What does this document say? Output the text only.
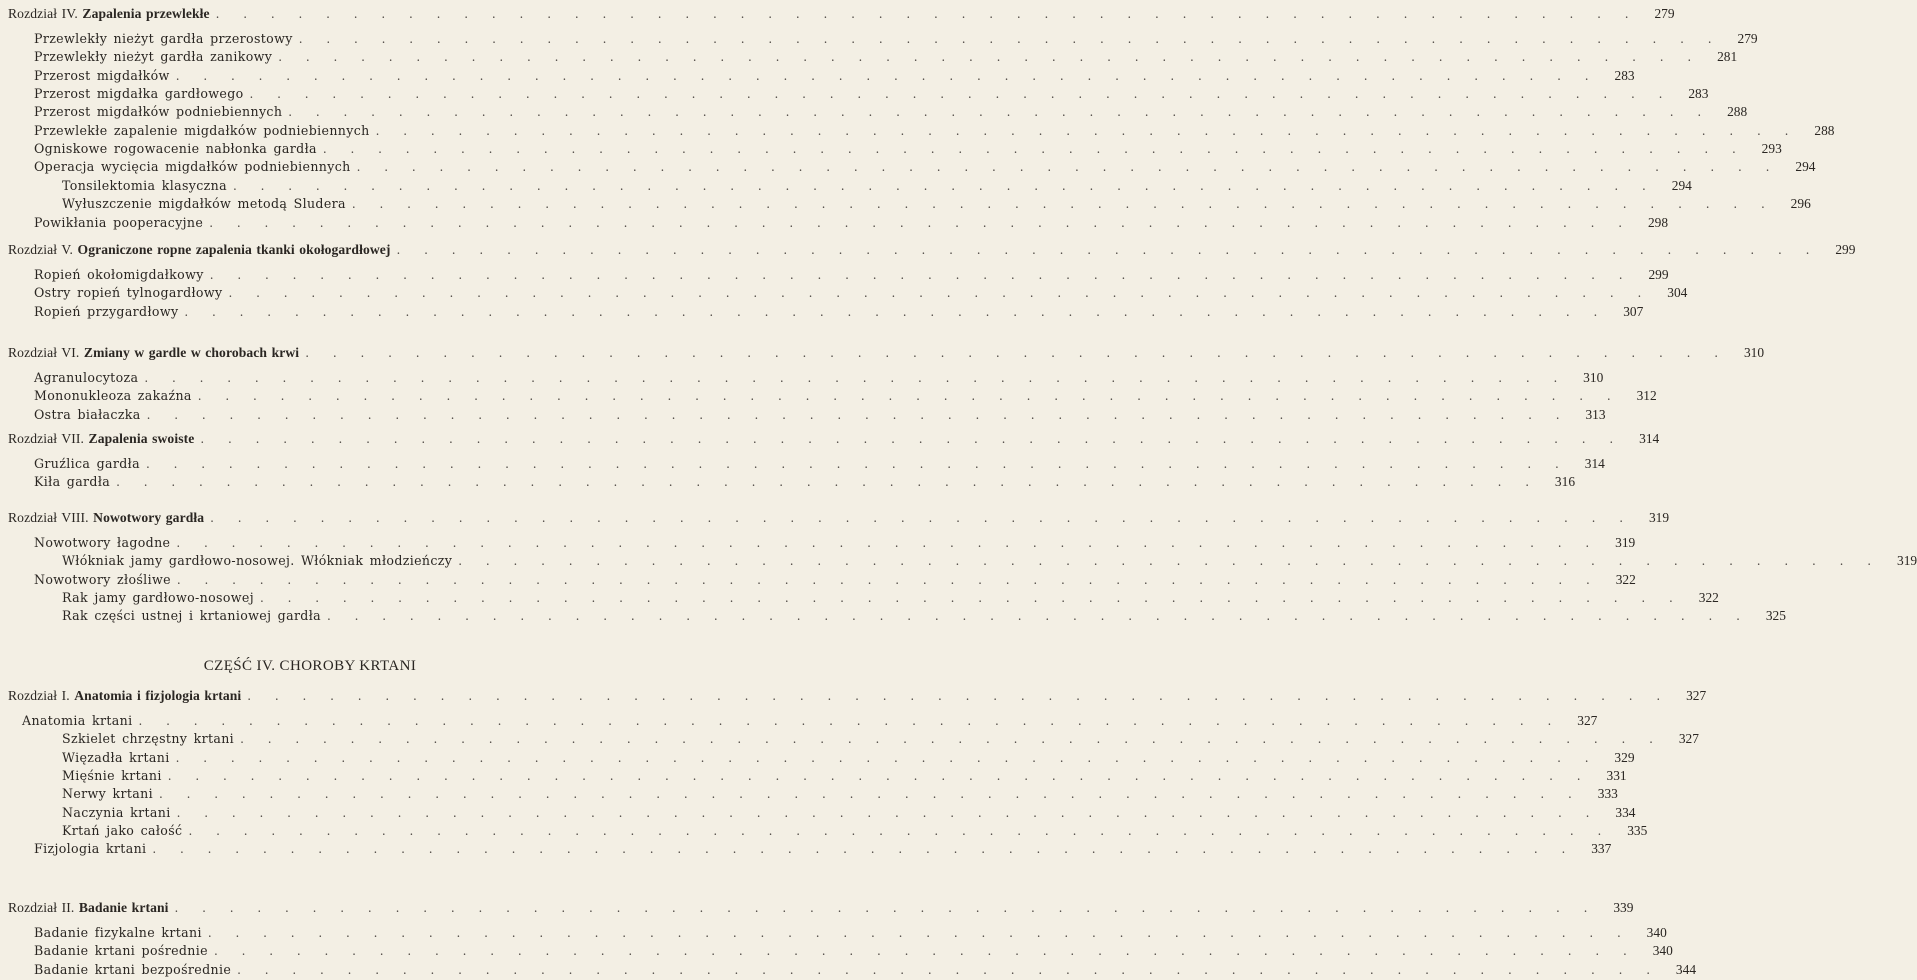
Rozdział IV. Zapalenia przewlekłe . . . . . . . . . . . . . . . . . . . . . . . . . . . . . . . . . . . . . . . . . . . . . . . . . . . .	279
Przewlekły nieżyt gardła przerostowy . . . . . . . . . . . . . . . . . . . . . . . . . . . . . . . . . . . . . . . . . . . . . . . . . . . .	279
Przewlekły nieżyt gardła zanikowy . . . . . . . . . . . . . . . . . . . . . . . . . . . . . . . . . . . . . . . . . . . . . . . . . . . .	281
Przerost migdałków . . . . . . . . . . . . . . . . . . . . . . . . . . . . . . . . . . . . . . . . . . . . . . . . . . . .	283
Przerost migdałka gardłowego . . . . . . . . . . . . . . . . . . . . . . . . . . . . . . . . . . . . . . . . . . . . . . . . . . . .	283
Przerost migdałków podniebiennych . . . . . . . . . . . . . . . . . . . . . . . . . . . . . . . . . . . . . . . . . . . . . . . . . . . .	288
Przewlekłe zapalenie migdałków podniebiennych . . . . . . . . . . . . . . . . . . . . . . . . . . . . . . . . . . . . . . . . . . . . . . . . . . . .	288
Ogniskowe rogowacenie nabłonka gardła . . . . . . . . . . . . . . . . . . . . . . . . . . . . . . . . . . . . . . . . . . . . . . . . . . . .	293
Operacja wycięcia migdałków podniebiennych . . . . . . . . . . . . . . . . . . . . . . . . . . . . . . . . . . . . . . . . . . . . . . . . . . . .	294
Tonsilektomia klasyczna . . . . . . . . . . . . . . . . . . . . . . . . . . . . . . . . . . . . . . . . . . . . . . . . . . . .	294
Wyłuszczenie migdałków metodą Sludera . . . . . . . . . . . . . . . . . . . . . . . . . . . . . . . . . . . . . . . . . . . . . . . . . . . .	296
Powikłania pooperacyjne . . . . . . . . . . . . . . . . . . . . . . . . . . . . . . . . . . . . . . . . . . . . . . . . . . . .	298
Rozdział V. Ograniczone ropne zapalenia tkanki okołogardłowej . . . . . . . . . . . . . . . . . . . . . . . . . . . . . . . . . . . . . . . . . . . . . . . . . . . .	299
Ropień okołomigdałkowy . . . . . . . . . . . . . . . . . . . . . . . . . . . . . . . . . . . . . . . . . . . . . . . . . . . .	299
Ostry ropień tylnogardłowy . . . . . . . . . . . . . . . . . . . . . . . . . . . . . . . . . . . . . . . . . . . . . . . . . . . .	304
Ropień przygardłowy . . . . . . . . . . . . . . . . . . . . . . . . . . . . . . . . . . . . . . . . . . . . . . . . . . . .	307
Rozdział VI. Zmiany w gardle w chorobach krwi . . . . . . . . . . . . . . . . . . . . . . . . . . . . . . . . . . . . . . . . . . . . . . . . . . . .	310
Agranulocytoza . . . . . . . . . . . . . . . . . . . . . . . . . . . . . . . . . . . . . . . . . . . . . . . . . . . .	310
Mononukleoza zakaźna . . . . . . . . . . . . . . . . . . . . . . . . . . . . . . . . . . . . . . . . . . . . . . . . . . . .	312
Ostra białaczka . . . . . . . . . . . . . . . . . . . . . . . . . . . . . . . . . . . . . . . . . . . . . . . . . . . .	313
Rozdział VII. Zapalenia swoiste . . . . . . . . . . . . . . . . . . . . . . . . . . . . . . . . . . . . . . . . . . . . . . . . . . . .	314
Gruźlica gardła . . . . . . . . . . . . . . . . . . . . . . . . . . . . . . . . . . . . . . . . . . . . . . . . . . . .	314
Kiła gardła . . . . . . . . . . . . . . . . . . . . . . . . . . . . . . . . . . . . . . . . . . . . . . . . . . . .	316
Rozdział VIII. Nowotwory gardła . . . . . . . . . . . . . . . . . . . . . . . . . . . . . . . . . . . . . . . . . . . . . . . . . . . .	319
Nowotwory łagodne . . . . . . . . . . . . . . . . . . . . . . . . . . . . . . . . . . . . . . . . . . . . . . . . . . . .	319
Włókniak jamy gardłowo-nosowej. Włókniak młodzieńczy . . . . . . . . . . . . . . . . . . . . . . . . . . . . . . . . . . . . . . . . . . . . . . . . . . . .	319
Nowotwory złośliwe . . . . . . . . . . . . . . . . . . . . . . . . . . . . . . . . . . . . . . . . . . . . . . . . . . . .	322
Rak jamy gardłowo-nosowej . . . . . . . . . . . . . . . . . . . . . . . . . . . . . . . . . . . . . . . . . . . . . . . . . . . .	322
Rak części ustnej i krtaniowej gardła . . . . . . . . . . . . . . . . . . . . . . . . . . . . . . . . . . . . . . . . . . . . . . . . . . . .	325
Rozdział I. Anatomia i fizjologia krtani . . . . . . . . . . . . . . . . . . . . . . . . . . . . . . . . . . . . . . . . . . . . . . . . . . . .	327
Anatomia krtani . . . . . . . . . . . . . . . . . . . . . . . . . . . . . . . . . . . . . . . . . . . . . . . . . . . .	327
Szkielet chrzęstny krtani . . . . . . . . . . . . . . . . . . . . . . . . . . . . . . . . . . . . . . . . . . . . . . . . . . . .	327
Więzadła krtani . . . . . . . . . . . . . . . . . . . . . . . . . . . . . . . . . . . . . . . . . . . . . . . . . . . .	329
Mięśnie krtani . . . . . . . . . . . . . . . . . . . . . . . . . . . . . . . . . . . . . . . . . . . . . . . . . . . .	331
Nerwy krtani . . . . . . . . . . . . . . . . . . . . . . . . . . . . . . . . . . . . . . . . . . . . . . . . . . . .	333
Naczynia krtani . . . . . . . . . . . . . . . . . . . . . . . . . . . . . . . . . . . . . . . . . . . . . . . . . . . .	334
Krtań jako całość . . . . . . . . . . . . . . . . . . . . . . . . . . . . . . . . . . . . . . . . . . . . . . . . . . . .	335
Fizjologia krtani . . . . . . . . . . . . . . . . . . . . . . . . . . . . . . . . . . . . . . . . . . . . . . . . . . . .	337
Rozdział II. Badanie krtani . . . . . . . . . . . . . . . . . . . . . . . . . . . . . . . . . . . . . . . . . . . . . . . . . . . .	339
Badanie fizykalne krtani . . . . . . . . . . . . . . . . . . . . . . . . . . . . . . . . . . . . . . . . . . . . . . . . . . . .	340
Badanie krtani pośrednie . . . . . . . . . . . . . . . . . . . . . . . . . . . . . . . . . . . . . . . . . . . . . . . . . . . .	340
Badanie krtani bezpośrednie . . . . . . . . . . . . . . . . . . . . . . . . . . . . . . . . . . . . . . . . . . . . . . . . . . . .	344
CZĘŚĆ IV. CHOROBY KRTANI
